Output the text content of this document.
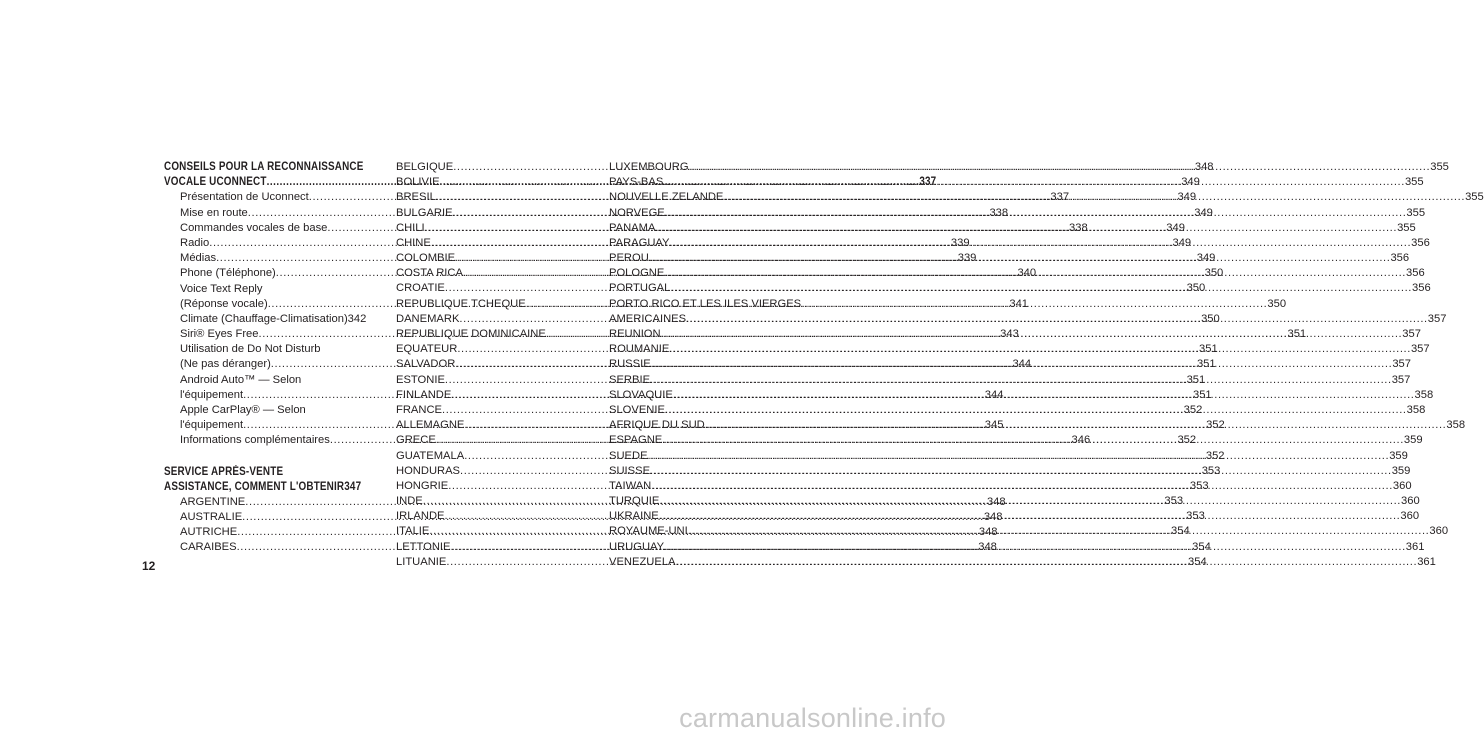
CONSEILS POUR LA RECONNAISSANCE
VOCALE UCONNECT .....	337
Présentation de Uconnect .....	337
Mise en route .....	338
Commandes vocales de base .....	338
Radio .....	339
Médias .....	339
Phone (Téléphone) .....	340
Voice Text Reply
(Réponse vocale) .....	341
Climate (Chauffage-Climatisation) 342
Siri® Eyes Free .....	343
Utilisation de Do Not Disturb
(Ne pas déranger) .....	344
Android Auto™ — Selon
l'équipement .....	344
Apple CarPlay® — Selon
l'équipement .....	345
Informations complémentaires .....	346
SERVICE APRÈS-VENTE
ASSISTANCE, COMMENT L'OBTENIR 347
ARGENTINE .....	348
AUSTRALIE .....	348
AUTRICHE .....	348
CARAIBES .....	348
BELGIQUE .....	348
BOLIVIE .....	349
BRESIL .....	349
BULGARIE .....	349
CHILI .....	349
CHINE .....	349
COLOMBIE .....	349
COSTA RICA .....	350
CROATIE .....	350
REPUBLIQUE TCHEQUE .....	350
DANEMARK .....	350
REPUBLIQUE DOMINICAINE .....	351
EQUATEUR .....	351
SALVADOR .....	351
ESTONIE .....	351
FINLANDE .....	351
FRANCE .....	352
ALLEMAGNE .....	352
GRECE .....	352
GUATEMALA .....	352
HONDURAS .....	353
HONGRIE .....	353
INDE .....	353
IRLANDE .....	353
ITALIE .....	354
LETTONIE .....	354
LITUANIE .....	354
LUXEMBOURG .....	355
PAYS-BAS .....	355
NOUVELLE ZELANDE .....	355
NORVEGE .....	355
PANAMA .....	355
PARAGUAY .....	356
PEROU .....	356
POLOGNE .....	356
PORTUGAL .....	356
PORTO RICO ET LES ILES VIERGES
AMERICAINES .....	357
REUNION .....	357
ROUMANIE .....	357
RUSSIE .....	357
SERBIE .....	357
SLOVAQUIE .....	358
SLOVENIE .....	358
AFRIQUE DU SUD .....	358
ESPAGNE .....	359
SUEDE .....	359
SUISSE .....	359
TAIWAN .....	360
TURQUIE .....	360
UKRAINE .....	360
ROYAUME-UNI .....	360
URUGUAY .....	361
VENEZUELA .....	361
12
carmanualsonline.info
